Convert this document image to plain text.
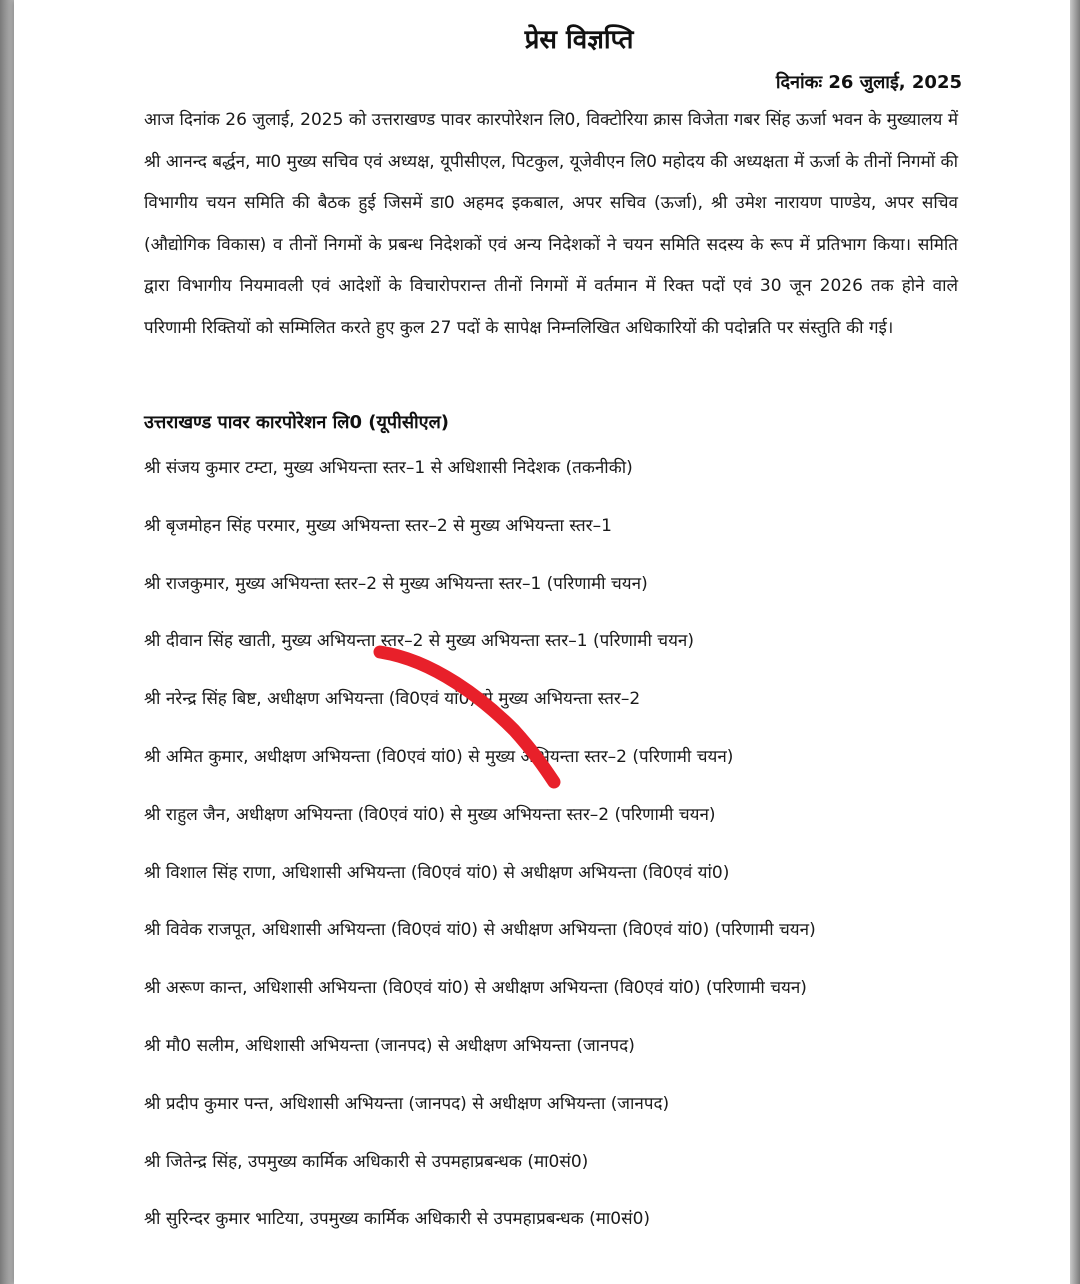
प्रेस विज्ञप्ति
दिनांकः 26 जुलाई, 2025
आज दिनांक 26 जुलाई, 2025 को उत्तराखण्ड पावर कारपोरेशन लि0, विक्टोरिया क्रास विजेता गबर सिंह ऊर्जा भवन के मुख्यालय में श्री आनन्द बर्द्धन, मा0 मुख्य सचिव एवं अध्यक्ष, यूपीसीएल, पिटकुल, यूजेवीएन लि0 महोदय की अध्यक्षता में ऊर्जा के तीनों निगमों की विभागीय चयन समिति की बैठक हुई जिसमें डा0 अहमद इकबाल, अपर सचिव (ऊर्जा), श्री उमेश नारायण पाण्डेय, अपर सचिव (औद्योगिक विकास) व तीनों निगमों के प्रबन्ध निदेशकों एवं अन्य निदेशकों ने चयन समिति सदस्य के रूप में प्रतिभाग किया। समिति द्वारा विभागीय नियमावली एवं आदेशों के विचारोपरान्त तीनों निगमों में वर्तमान में रिक्त पदों एवं 30 जून 2026 तक होने वाले परिणामी रिक्तियों को सम्मिलित करते हुए कुल 27 पदों के सापेक्ष निम्नलिखित अधिकारियों की पदोन्नति पर संस्तुति की गई।
उत्तराखण्ड पावर कारपोरेशन लि0 (यूपीसीएल)
श्री संजय कुमार टम्टा, मुख्य अभियन्ता स्तर–1 से अधिशासी निदेशक (तकनीकी)
श्री बृजमोहन सिंह परमार, मुख्य अभियन्ता स्तर–2 से मुख्य अभियन्ता स्तर–1
श्री राजकुमार, मुख्य अभियन्ता स्तर–2 से मुख्य अभियन्ता स्तर–1 (परिणामी चयन)
श्री दीवान सिंह खाती, मुख्य अभियन्ता स्तर–2 से मुख्य अभियन्ता स्तर–1 (परिणामी चयन)
श्री नरेन्द्र सिंह बिष्ट, अधीक्षण अभियन्ता (वि0एवं यां0) से मुख्य अभियन्ता स्तर–2
श्री अमित कुमार, अधीक्षण अभियन्ता (वि0एवं यां0) से मुख्य अभियन्ता स्तर–2 (परिणामी चयन)
श्री राहुल जैन, अधीक्षण अभियन्ता (वि0एवं यां0) से मुख्य अभियन्ता स्तर–2 (परिणामी चयन)
श्री विशाल सिंह राणा, अधिशासी अभियन्ता (वि0एवं यां0) से अधीक्षण अभियन्ता (वि0एवं यां0)
श्री विवेक राजपूत, अधिशासी अभियन्ता (वि0एवं यां0) से अधीक्षण अभियन्ता (वि0एवं यां0) (परिणामी चयन)
श्री अरूण कान्त, अधिशासी अभियन्ता (वि0एवं यां0) से अधीक्षण अभियन्ता (वि0एवं यां0) (परिणामी चयन)
श्री मौ0 सलीम, अधिशासी अभियन्ता (जानपद) से अधीक्षण अभियन्ता (जानपद)
श्री प्रदीप कुमार पन्त, अधिशासी अभियन्ता (जानपद) से अधीक्षण अभियन्ता (जानपद)
श्री जितेन्द्र सिंह, उपमुख्य कार्मिक अधिकारी से उपमहाप्रबन्धक (मा0सं0)
श्री सुरिन्दर कुमार भाटिया, उपमुख्य कार्मिक अधिकारी से उपमहाप्रबन्धक (मा0सं0)
